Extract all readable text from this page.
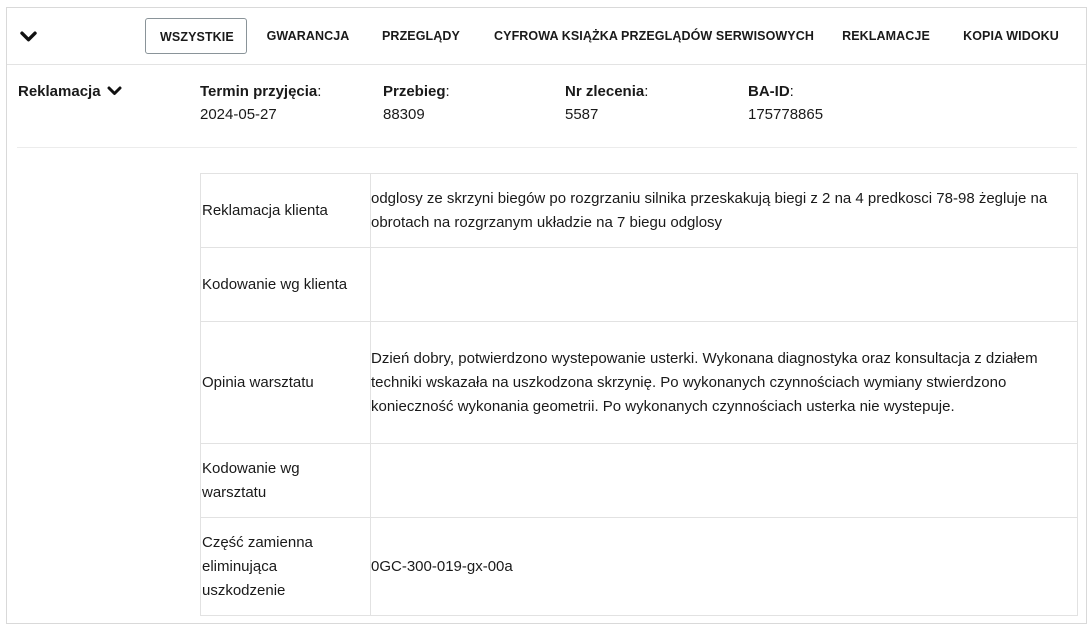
WSZYSTKIE	GWARANCJA	PRZEGLĄDY	CYFROWA KSIĄŻKA PRZEGLĄDÓW SERWISOWYCH	REKLAMACJE	KOPIA WIDOKU
Reklamacja	Termin przyjęcia:
2024-05-27
Przebieg:
88309
Nr zlecenia:
5587
BA-ID:
175778865
Reklamacja klienta	odglosy ze skrzyni biegów po rozgrzaniu silnika przeskakują biegi z 2 na 4 predkosci 78-98 żegluje na obrotach na rozgrzanym układzie na 7 biegu odglosy
Kodowanie wg klienta	
Opinia warsztatu	Dzień dobry, potwierdzono wystepowanie usterki. Wykonana diagnostyka oraz konsultacja z działem techniki wskazała na uszkodzona skrzynię. Po wykonanych czynnościach wymiany stwierdzono konieczność wykonania geometrii. Po wykonanych czynnościach usterka nie wystepuje.
Kodowanie wg warsztatu	
Część zamienna eliminująca uszkodzenie	0GC-300-019-gx-00a
